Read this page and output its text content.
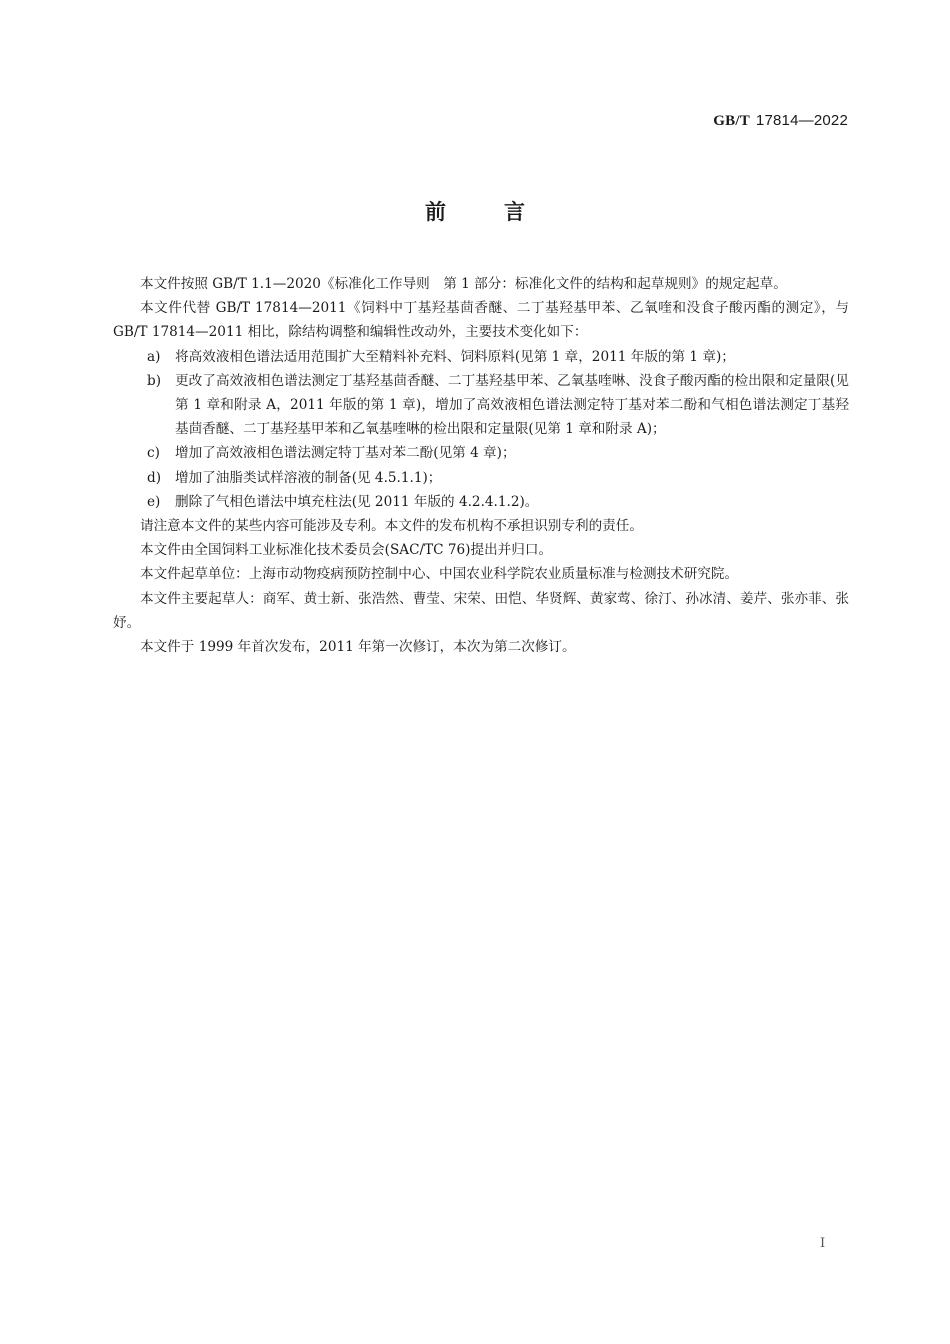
GB/T 17814—2022
前	言

本文件按照 GB/T 1.1—2020《标准化工作导则　第 1 部分：标准化文件的结构和起草规则》的规定起草。

本文件代替 GB/T 17814—2011《饲料中丁基羟基茴香醚、二丁基羟基甲苯、乙氧喹和没食子酸丙酯的测定》，与 GB/T 17814—2011 相比，除结构调整和编辑性改动外，主要技术变化如下：

a) 将高效液相色谱法适用范围扩大至精料补充料、饲料原料(见第 1 章，2011 年版的第 1 章)；
b) 更改了高效液相色谱法测定丁基羟基茴香醚、二丁基羟基甲苯、乙氧基喹啉、没食子酸丙酯的检出限和定量限(见第 1 章和附录 A，2011 年版的第 1 章)，增加了高效液相色谱法测定特丁基对苯二酚和气相色谱法测定丁基羟基茴香醚、二丁基羟基甲苯和乙氧基喹啉的检出限和定量限(见第 1 章和附录 A)；
c) 增加了高效液相色谱法测定特丁基对苯二酚(见第 4 章)；
d) 增加了油脂类试样溶液的制备(见 4.5.1.1)；
e) 删除了气相色谱法中填充柱法(见 2011 年版的 4.2.4.1.2)。

请注意本文件的某些内容可能涉及专利。本文件的发布机构不承担识别专利的责任。

本文件由全国饲料工业标准化技术委员会(SAC/TC 76)提出并归口。

本文件起草单位：上海市动物疫病预防控制中心、中国农业科学院农业质量标准与检测技术研究院。

本文件主要起草人：商军、黄士新、张浩然、曹莹、宋荣、田恺、华贤辉、黄家莺、徐汀、孙冰清、姜芹、张亦菲、张妤。

本文件于 1999 年首次发布，2011 年第一次修订，本次为第二次修订。

I
